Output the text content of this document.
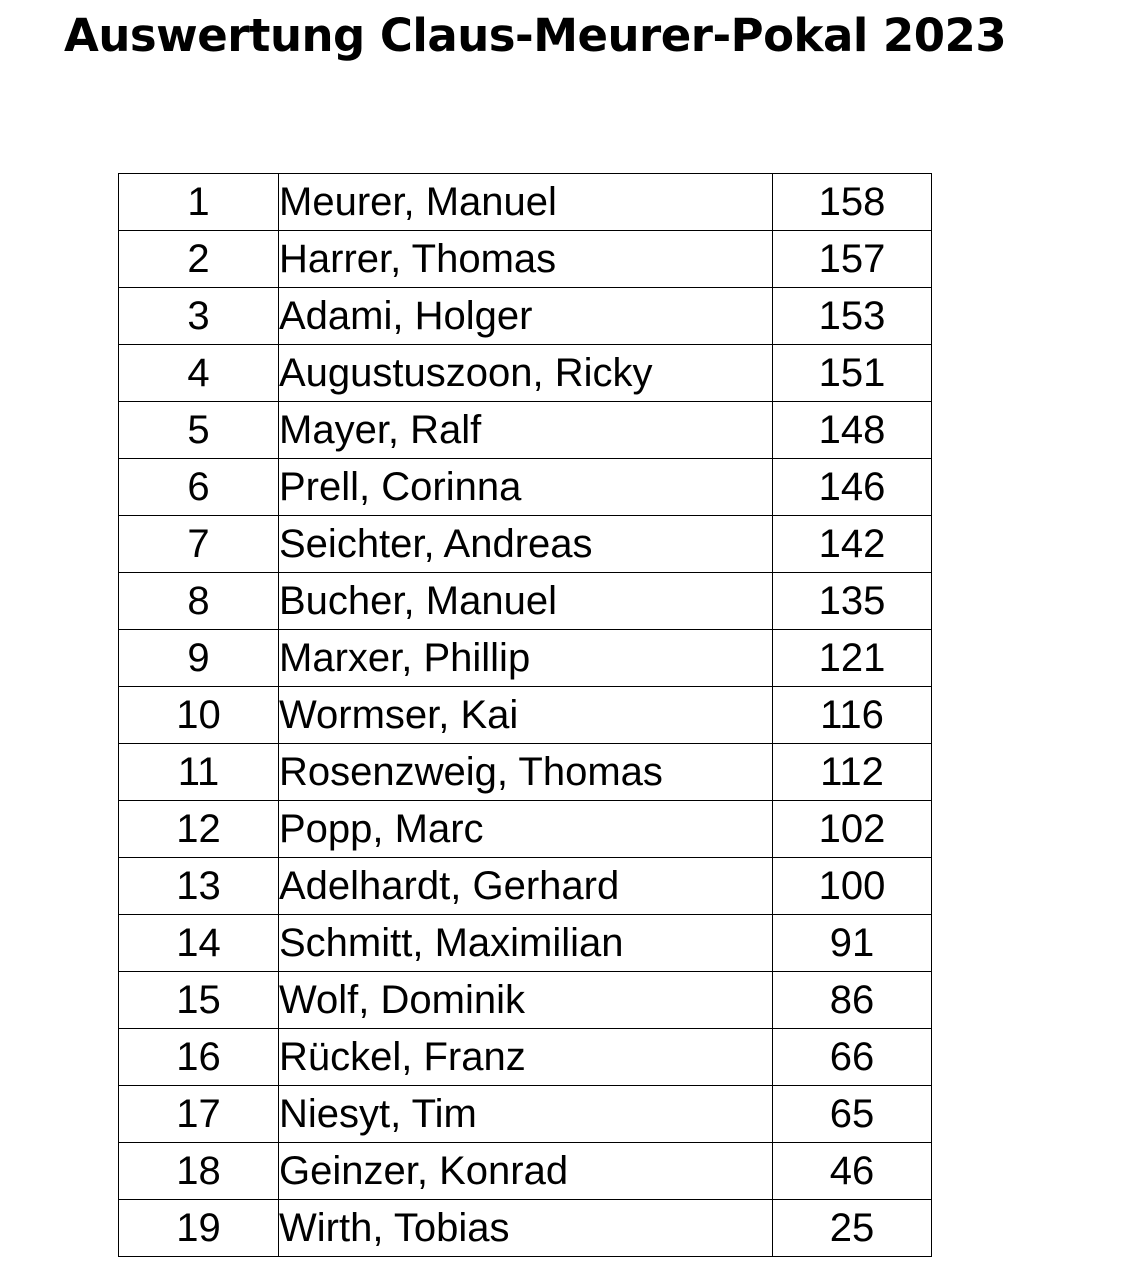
Auswertung Claus-Meurer-Pokal 2023
1	Meurer, Manuel	158
2	Harrer, Thomas	157
3	Adami, Holger	153
4	Augustuszoon, Ricky	151
5	Mayer, Ralf	148
6	Prell, Corinna	146
7	Seichter, Andreas	142
8	Bucher, Manuel	135
9	Marxer, Phillip	121
10	Wormser, Kai	116
11	Rosenzweig, Thomas	112
12	Popp, Marc	102
13	Adelhardt, Gerhard	100
14	Schmitt, Maximilian	91
15	Wolf, Dominik	86
16	Rückel, Franz	66
17	Niesyt, Tim	65
18	Geinzer, Konrad	46
19	Wirth, Tobias	25
